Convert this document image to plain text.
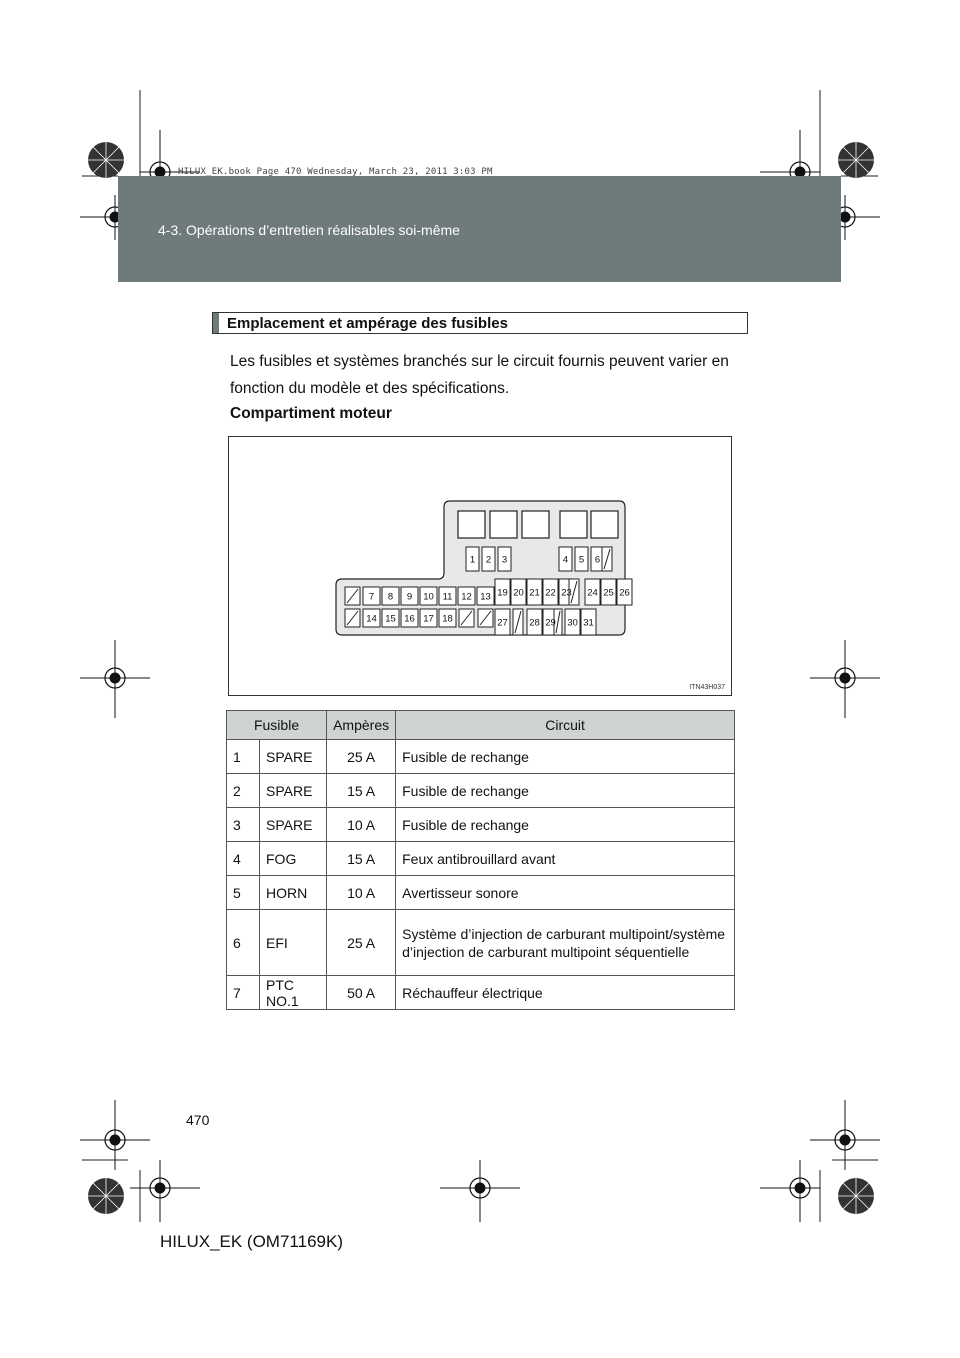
4-3. Opérations d’entretien réalisables soi-même
HILUX_EK.book Page 470 Wednesday, March 23, 2011 3:03 PM
Emplacement et ampérage des fusibles
Les fusibles et systèmes branchés sur le circuit fournis peuvent varier en fonction du modèle et des spécifications.
Compartiment moteur
1 2 3	4 5 6
7 8 9 10 11 12 13
14 15 16 17 18
19 20 21 22 23 24 25 26
27 28 29 30 31
ITN43H037
Fusible		Ampères	Circuit
1	SPARE	25 A	Fusible de rechange
2	SPARE	15 A	Fusible de rechange
3	SPARE	10 A	Fusible de rechange
4	FOG	15 A	Feux antibrouillard avant
5	HORN	10 A	Avertisseur sonore
6	EFI	25 A	Système d’injection de carburant multipoint/système d’injection de carburant multipoint séquentielle
7	PTC NO.1	50 A	Réchauffeur électrique
470
HILUX_EK (OM71169K)
